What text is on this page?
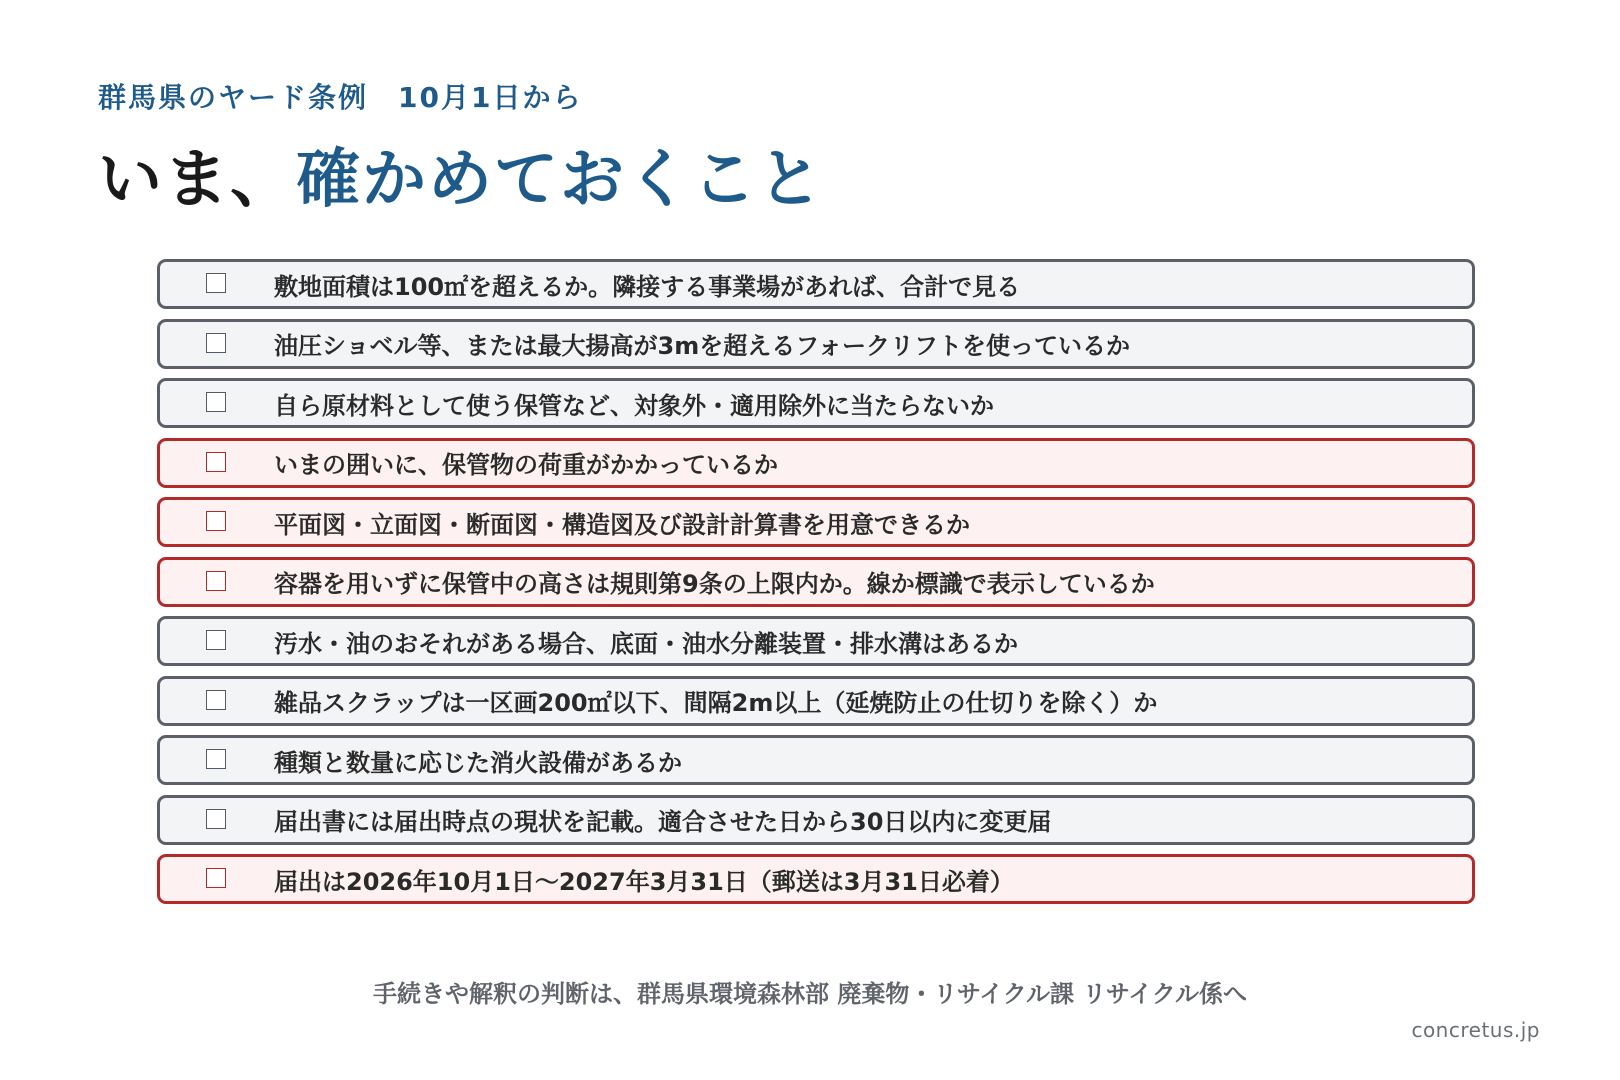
群馬県のヤード条例　10月1日から
いま、確かめておくこと
敷地面積は100㎡を超えるか。隣接する事業場があれば、合計で見る
油圧ショベル等、または最大揚高が3mを超えるフォークリフトを使っているか
自ら原材料として使う保管など、対象外・適用除外に当たらないか
いまの囲いに、保管物の荷重がかかっているか
平面図・立面図・断面図・構造図及び設計計算書を用意できるか
容器を用いずに保管中の高さは規則第9条の上限内か。線か標識で表示しているか
汚水・油のおそれがある場合、底面・油水分離装置・排水溝はあるか
雑品スクラップは一区画200㎡以下、間隔2m以上（延焼防止の仕切りを除く）か
種類と数量に応じた消火設備があるか
届出書には届出時点の現状を記載。適合させた日から30日以内に変更届
届出は2026年10月1日～2027年3月31日（郵送は3月31日必着）
手続きや解釈の判断は、群馬県環境森林部 廃棄物・リサイクル課 リサイクル係へ
concretus.jp
